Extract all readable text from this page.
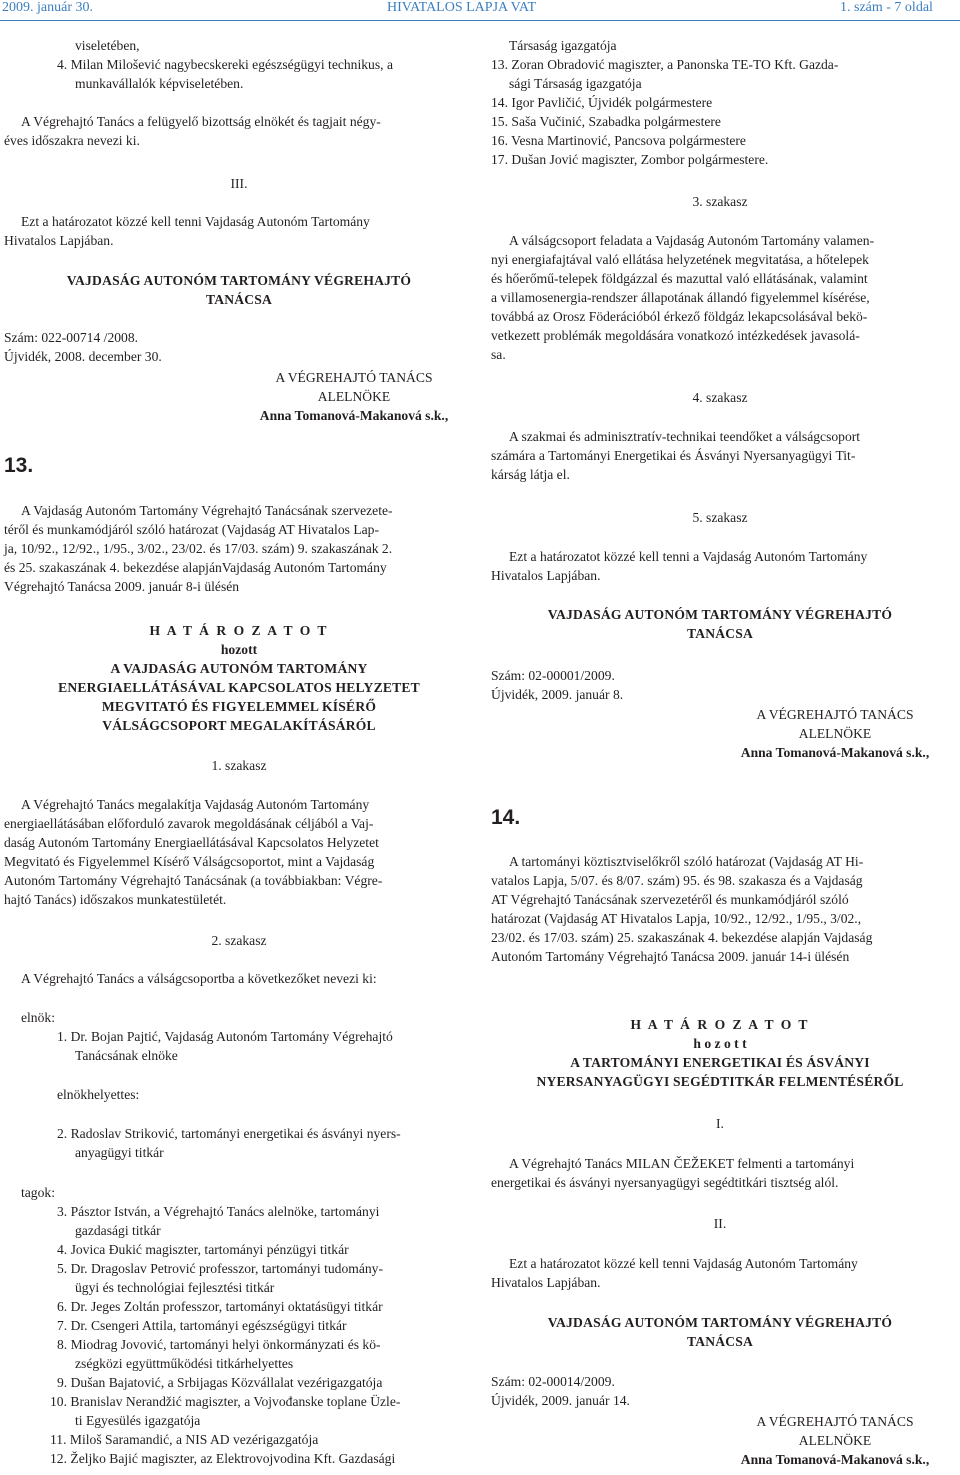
2009. január 30.	HIVATALOS LAPJA VAT	1. szám - 7 oldal
viseletében,
4. Milan Milošević nagybecskereki egészségügyi technikus, a
munkavállalók képviseletében.
A Végrehajtó Tanács a felügyelő bizottság elnökét és tagjait négy-
éves időszakra nevezi ki.
III.
Ezt a határozatot közzé kell tenni Vajdaság Autonóm Tartomány
Hivatalos Lapjában.
VAJDASÁG AUTONÓM TARTOMÁNY VÉGREHAJTÓ
TANÁCSA
Szám: 022-00714 /2008.
Újvidék, 2008. december 30.
A VÉGREHAJTÓ TANÁCS
ALELNÖKE
Anna Tomanová-Makanová s.k.,
13.
A Vajdaság Autonóm Tartomány Végrehajtó Tanácsának szervezete-
téről és munkamódjáról szóló határozat (Vajdaság AT Hivatalos Lap-
ja, 10/92., 12/92., 1/95., 3/02., 23/02. és 17/03. szám) 9. szakaszának 2.
és 25. szakaszának 4. bekezdése alapjánVajdaság Autonóm Tartomány
Végrehajtó Tanácsa 2009. január 8-i ülésén
H A T Á R O Z A T O T
hozott
A VAJDASÁG AUTONÓM TARTOMÁNY
ENERGIAELLÁTÁSÁVAL KAPCSOLATOS HELYZETET
MEGVITATÓ ÉS FIGYELEMMEL KÍSÉRŐ
VÁLSÁGCSOPORT MEGALAKÍTÁSÁRÓL
1. szakasz
A Végrehajtó Tanács megalakítja Vajdaság Autonóm Tartomány
energiaellátásában előforduló zavarok megoldásának céljából a Vaj-
daság Autonóm Tartomány Energiaellátásával Kapcsolatos Helyzetet
Megvitató és Figyelemmel Kísérő Válságcsoportot, mint a Vajdaság
Autonóm Tartomány Végrehajtó Tanácsának (a továbbiakban: Végre-
hajtó Tanács) időszakos munkatestületét.
2. szakasz
A Végrehajtó Tanács a válságcsoportba a következőket nevezi ki:
elnök:
1. Dr. Bojan Pajtić, Vajdaság Autonóm Tartomány Végrehajtó
Tanácsának elnöke
elnökhelyettes:
2. Radoslav Striković, tartományi energetikai és ásványi nyers-
anyagügyi titkár
tagok:
3. Pásztor István, a Végrehajtó Tanács alelnöke, tartományi
gazdasági titkár
4. Jovica Ðukić magiszter, tartományi pénzügyi titkár
5. Dr. Dragoslav Petrović professzor, tartományi tudomány-
ügyi és technológiai fejlesztési titkár
6. Dr. Jeges Zoltán professzor, tartományi oktatásügyi titkár
7. Dr. Csengeri Attila, tartományi egészségügyi titkár
8. Miodrag Jovović, tartományi helyi önkormányzati és kö-
zségközi együttműködési titkárhelyettes
9. Dušan Bajatović, a Srbijagas Közvállalat vezérigazgatója
10. Branislav Nerandžić magiszter, a Vojvođanske toplane Üzle-
ti Egyesülés igazgatója
11. Miloš Saramandić, a NIS AD vezérigazgatója
12. Željko Bajić magiszter, az Elektrovojvodina Kft. Gazdasági
Társaság igazgatója
13. Zoran Obradović magiszter, a Panonska TE-TO Kft. Gazda-
sági Társaság igazgatója
14. Igor Pavličić, Újvidék polgármestere
15. Saša Vučinić, Szabadka polgármestere
16. Vesna Martinović, Pancsova polgármestere
17. Dušan Jović magiszter, Zombor polgármestere.
3. szakasz
A válságcsoport feladata a Vajdaság Autonóm Tartomány valamen-
nyi energiafajtával való ellátása helyzetének megvitatása, a hőtelepek
és hőerőmű-telepek földgázzal és mazuttal való ellátásának, valamint
a villamosenergia-rendszer állapotának állandó figyelemmel kísérése,
továbbá az Orosz Föderációból érkező földgáz lekapcsolásával bekö-
vetkezett problémák megoldására vonatkozó intézkedések javasolá-
sa.
4. szakasz
A szakmai és adminisztratív-technikai teendőket a válságcsoport
számára a Tartományi Energetikai és Ásványi Nyersanyagügyi Tit-
kárság látja el.
5. szakasz
Ezt a határozatot közzé kell tenni a Vajdaság Autonóm Tartomány
Hivatalos Lapjában.
VAJDASÁG AUTONÓM TARTOMÁNY VÉGREHAJTÓ
TANÁCSA
Szám: 02-00001/2009.
Újvidék, 2009. január 8.
A VÉGREHAJTÓ TANÁCS
ALELNÖKE
Anna Tomanová-Makanová s.k.,
14.
A tartományi köztisztviselőkről szóló határozat (Vajdaság AT Hi-
vatalos Lapja, 5/07. és 8/07. szám) 95. és 98. szakasza és a Vajdaság
AT Végrehajtó Tanácsának szervezetéről és munkamódjáról szóló
határozat (Vajdaság AT Hivatalos Lapja, 10/92., 12/92., 1/95., 3/02.,
23/02. és 17/03. szám) 25. szakaszának 4. bekezdése alapján Vajdaság
Autonóm Tartomány Végrehajtó Tanácsa 2009. január 14-i ülésén
H A T Á R O Z A T O T
h o z o t t
A TARTOMÁNYI ENERGETIKAI ÉS ÁSVÁNYI
NYERSANYAGÜGYI SEGÉDTITKÁR FELMENTÉSÉRŐL
I.
A Végrehajtó Tanács MILAN ČEŽEKET felmenti a tartományi
energetikai és ásványi nyersanyagügyi segédtitkári tisztség alól.
II.
Ezt a határozatot közzé kell tenni Vajdaság Autonóm Tartomány
Hivatalos Lapjában.
VAJDASÁG AUTONÓM TARTOMÁNY VÉGREHAJTÓ
TANÁCSA
Szám: 02-00014/2009.
Újvidék, 2009. január 14.
A VÉGREHAJTÓ TANÁCS
ALELNÖKE
Anna Tomanová-Makanová s.k.,
